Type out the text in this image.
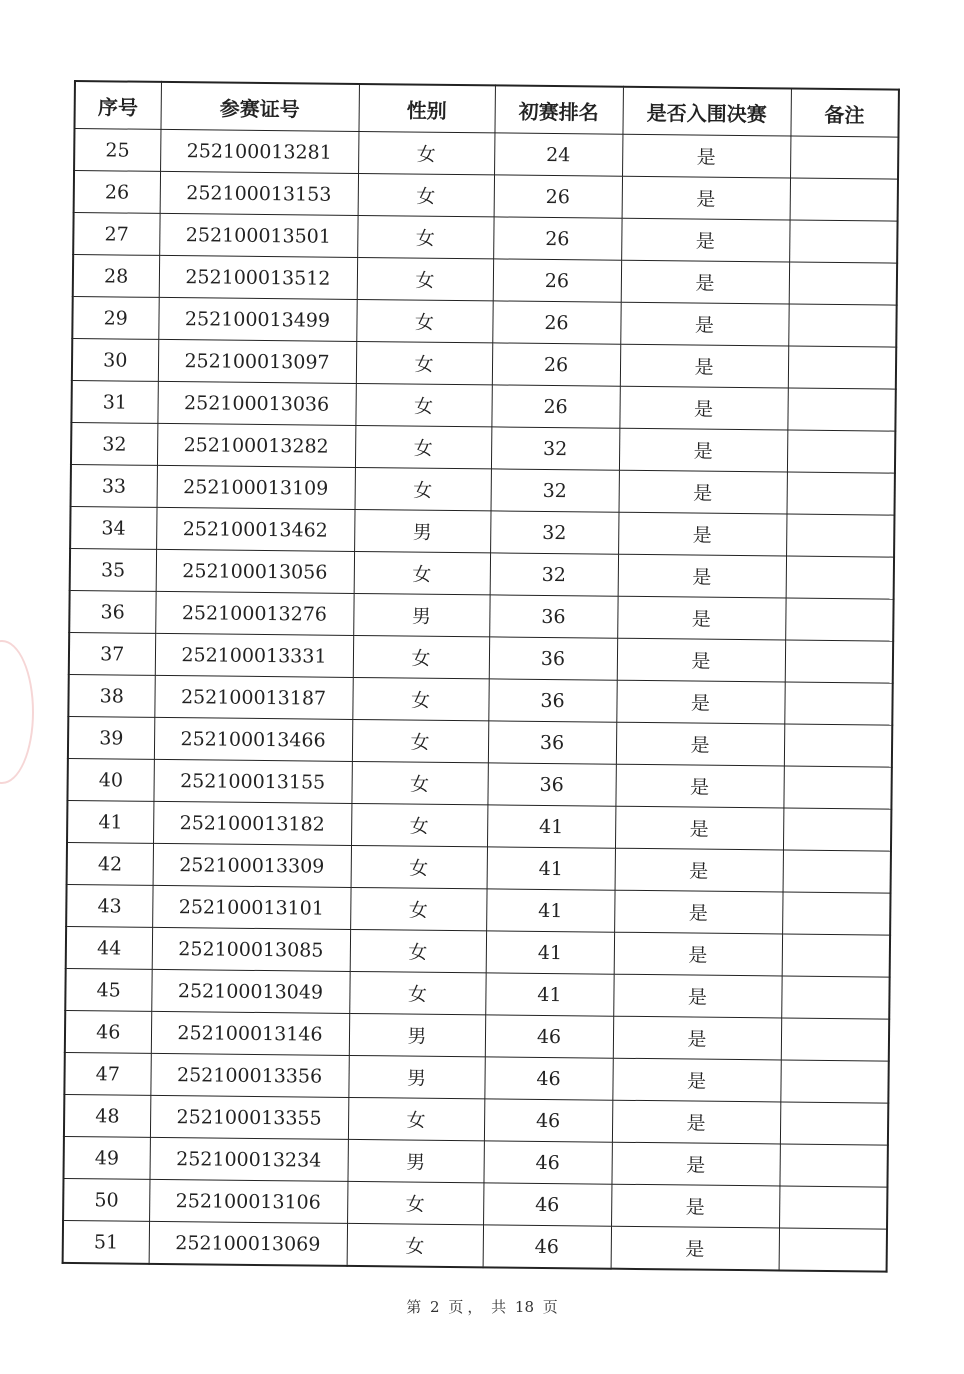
序号	参赛证号	性别	初赛排名	是否入围决赛	备注
25	252100013281	女	24	是	
26	252100013153	女	26	是	
27	252100013501	女	26	是	
28	252100013512	女	26	是	
29	252100013499	女	26	是	
30	252100013097	女	26	是	
31	252100013036	女	26	是	
32	252100013282	女	32	是	
33	252100013109	女	32	是	
34	252100013462	男	32	是	
35	252100013056	女	32	是	
36	252100013276	男	36	是	
37	252100013331	女	36	是	
38	252100013187	女	36	是	
39	252100013466	女	36	是	
40	252100013155	女	36	是	
41	252100013182	女	41	是	
42	252100013309	女	41	是	
43	252100013101	女	41	是	
44	252100013085	女	41	是	
45	252100013049	女	41	是	
46	252100013146	男	46	是	
47	252100013356	男	46	是	
48	252100013355	女	46	是	
49	252100013234	男	46	是	
50	252100013106	女	46	是	
51	252100013069	女	46	是	
第 2 页 ， 共 18 页
